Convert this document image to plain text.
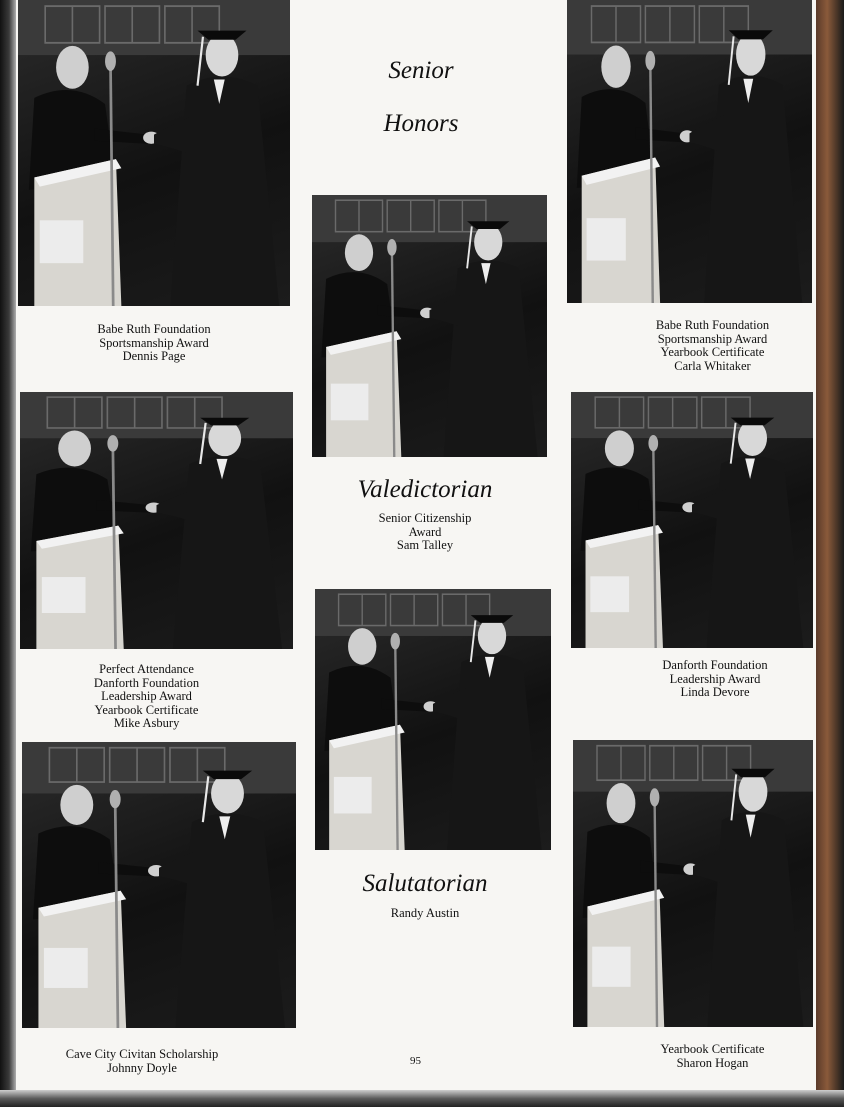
Senior
Honors
Valedictorian
Salutatorian
Babe Ruth Foundation
Sportsmanship Award
Dennis Page
Babe Ruth Foundation
Sportsmanship Award
Yearbook Certificate
Carla Whitaker
Senior Citizenship
Award
Sam Talley
Perfect Attendance
Danforth Foundation
Leadership Award
Yearbook Certificate
Mike Asbury
Danforth Foundation
Leadership Award
Linda Devore
Randy Austin
Cave City Civitan Scholarship
Johnny Doyle
Yearbook Certificate
Sharon Hogan
95
